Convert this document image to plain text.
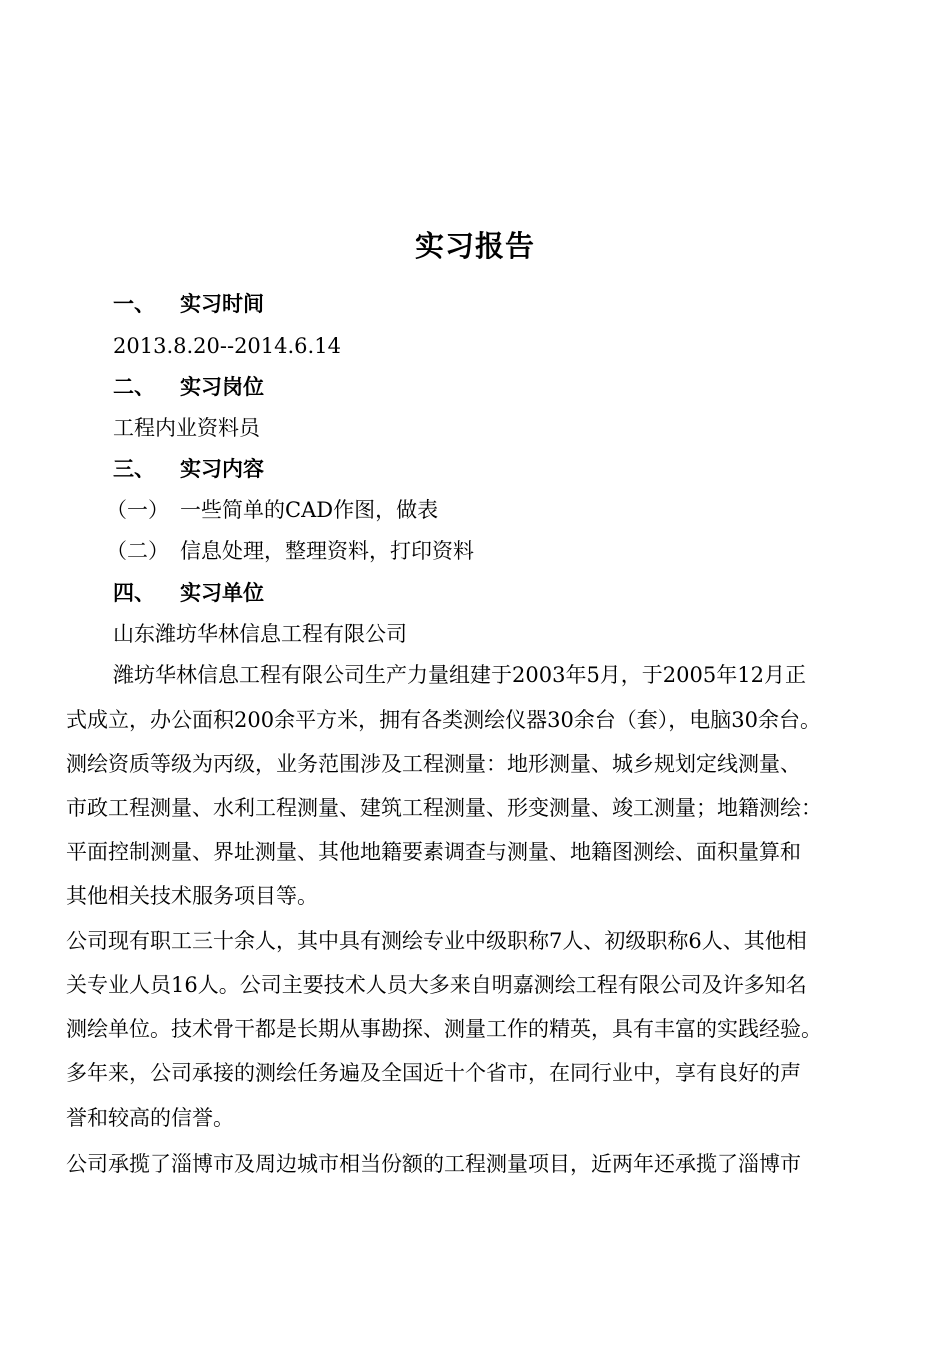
实习报告
一、 实习时间
2013.8.20--2014.6.14
二、 实习岗位
工程内业资料员
三、 实习内容
（一） 一些简单的CAD作图，做表
（二） 信息处理，整理资料，打印资料
四、 实习单位
山东潍坊华林信息工程有限公司
潍坊华林信息工程有限公司生产力量组建于2003年5月，于2005年12月正
式成立，办公面积200余平方米，拥有各类测绘仪器30余台（套），电脑30余台。
测绘资质等级为丙级，业务范围涉及工程测量：地形测量、城乡规划定线测量、
市政工程测量、水利工程测量、建筑工程测量、形变测量、竣工测量；地籍测绘：
平面控制测量、界址测量、其他地籍要素调查与测量、地籍图测绘、面积量算和
其他相关技术服务项目等。
公司现有职工三十余人，其中具有测绘专业中级职称7人、初级职称6人、其他相
关专业人员16人。公司主要技术人员大多来自明嘉测绘工程有限公司及许多知名
测绘单位。技术骨干都是长期从事勘探、测量工作的精英，具有丰富的实践经验。
多年来，公司承接的测绘任务遍及全国近十个省市，在同行业中，享有良好的声
誉和较高的信誉。
公司承揽了淄博市及周边城市相当份额的工程测量项目，近两年还承揽了淄博市
